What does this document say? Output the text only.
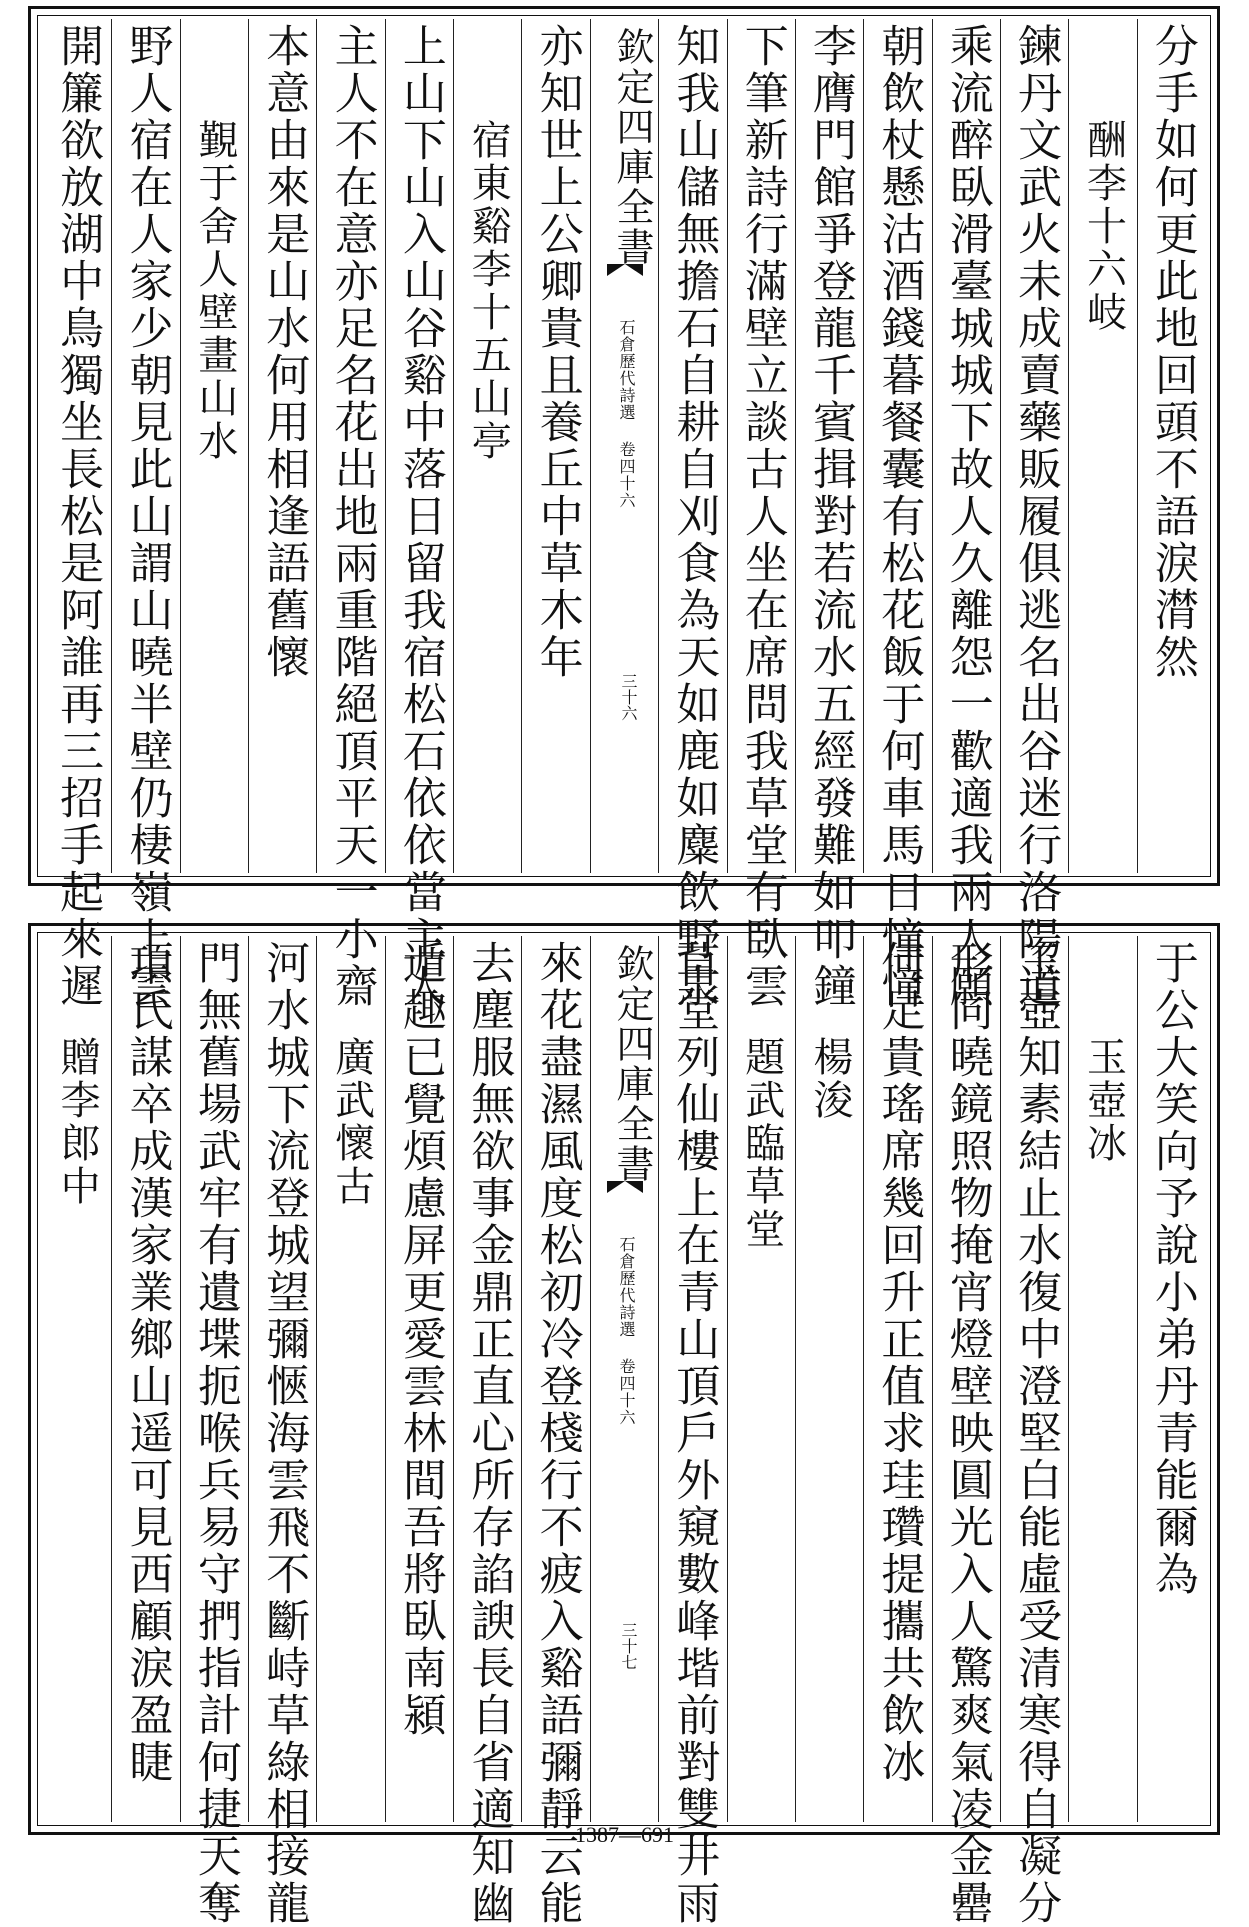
分手如何更此地回頭不語淚潸然
酬李十六岐
鍊丹文武火未成賣藥販履俱逃名出谷迷行洛陽道
乘流醉臥滑臺城城下故人久離怨一歡適我兩人願
朝飲杖懸沽酒錢暮餐囊有松花飯于何車馬日憧憧
李膺門館爭登龍千賓揖對若流水五經發難如叩鐘
下筆新詩行滿壁立談古人坐在席問我草堂有臥雲
知我山儲無擔石自耕自刈食為天如鹿如麋飲野泉
欽定四庫全書
石倉歷代詩選 卷四十六
三十六
亦知世上公卿貴且養丘中草木年
宿東谿李十五山亭
上山下山入山谷谿中落日留我宿松石依依當主人
主人不在意亦足名花出地兩重階絕頂平天一小齋
本意由來是山水何用相逢語舊懷
覲于舍人壁畫山水
野人宿在人家少朝見此山謂山曉半壁仍棲嶺上雲
開簾欲放湖中鳥獨坐長松是阿誰再三招手起來遲
于公大笑向予說小弟丹青能爾為
玉壺冰
玉壺知素結止水復中澄堅白能虛受清寒得自凝分
形同曉鏡照物掩宵燈壁映圓光入人驚爽氣凌金罍
何足貴瑤席幾回升正值求珪瓚提攜共飲冰
楊浚
題武臨草堂
草堂列仙樓上在青山頂戶外窺數峰堦前對雙井雨
欽定四庫全書
石倉歷代詩選 卷四十六
三十七
來花盡濕風度松初冷登棧行不疲入谿語彌靜云能
去塵服無欲事金鼎正直心所存諂諛長自省適知幽
遁趣已覺煩慮屏更愛雲林間吾將臥南潁
廣武懷古
河水城下流登城望彌愜海雲飛不斷峙草綠相接龍
門無舊場武牢有遺堞扼喉兵易守捫指計何捷天奪
項氏謀卒成漢家業鄉山遥可見西顧淚盈睫
贈李郎中
1387—691
